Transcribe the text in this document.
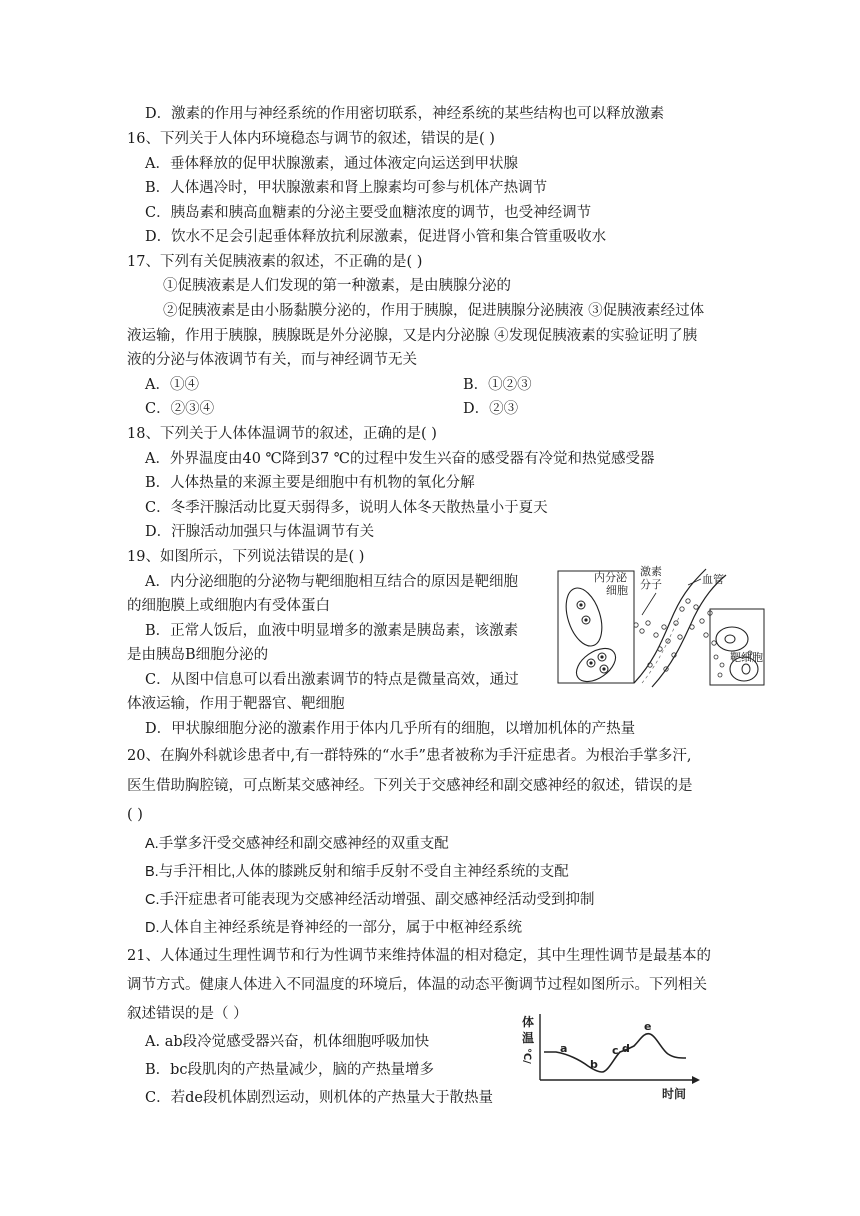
D．激素的作用与神经系统的作用密切联系，神经系统的某些结构也可以释放激素
16、下列关于人体内环境稳态与调节的叙述，错误的是( )
A．垂体释放的促甲状腺激素，通过体液定向运送到甲状腺
B．人体遇冷时，甲状腺激素和肾上腺素均可参与机体产热调节
C．胰岛素和胰高血糖素的分泌主要受血糖浓度的调节，也受神经调节
D．饮水不足会引起垂体释放抗利尿激素，促进肾小管和集合管重吸收水
17、下列有关促胰液素的叙述，不正确的是( )
①促胰液素是人们发现的第一种激素，是由胰腺分泌的
②促胰液素是由小肠黏膜分泌的，作用于胰腺，促进胰腺分泌胰液 ③促胰液素经过体
液运输，作用于胰腺，胰腺既是外分泌腺，又是内分泌腺 ④发现促胰液素的实验证明了胰
液的分泌与体液调节有关，而与神经调节无关
A．①④	B．①②③
C．②③④	D．②③
18、下列关于人体体温调节的叙述，正确的是( )
A．外界温度由40 ℃降到37 ℃的过程中发生兴奋的感受器有冷觉和热觉感受器
B．人体热量的来源主要是细胞中有机物的氧化分解
C．冬季汗腺活动比夏天弱得多，说明人体冬天散热量小于夏天
D．汗腺活动加强只与体温调节有关
19、如图所示，下列说法错误的是( )
A．内分泌细胞的分泌物与靶细胞相互结合的原因是靶细胞
的细胞膜上或细胞内有受体蛋白
B．正常人饭后，血液中明显增多的激素是胰岛素，该激素
是由胰岛B细胞分泌的
C．从图中信息可以看出激素调节的特点是微量高效，通过
体液运输，作用于靶器官、靶细胞
D．甲状腺细胞分泌的激素作用于体内几乎所有的细胞，以增加机体的产热量
内分泌
细胞
激素
分子	血管
靶细胞
20、在胸外科就诊患者中,有一群特殊的“水手”患者被称为手汗症患者。为根治手掌多汗,
医生借助胸腔镜，可点断某交感神经。下列关于交感神经和副交感神经的叙述，错误的是
( )
A.手掌多汗受交感神经和副交感神经的双重支配
B.与手汗相比,人体的膝跳反射和缩手反射不受自主神经系统的支配
C.手汗症患者可能表现为交感神经活动增强、副交感神经活动受到抑制
D.人体自主神经系统是脊神经的一部分，属于中枢神经系统
21、人体通过生理性调节和行为性调节来维持体温的相对稳定，其中生理性调节是最基本的
调节方式。健康人体进入不同温度的环境后，体温的动态平衡调节过程如图所示。下列相关
叙述错误的是（ ）
A. ab段冷觉感受器兴奋，机体细胞呼吸加快
B．bc段肌肉的产热量减少，脑的产热量增多
C．若de段机体剧烈运动，则机体的产热量大于散热量
体
温
℃/
时间
a
b
c d
e
